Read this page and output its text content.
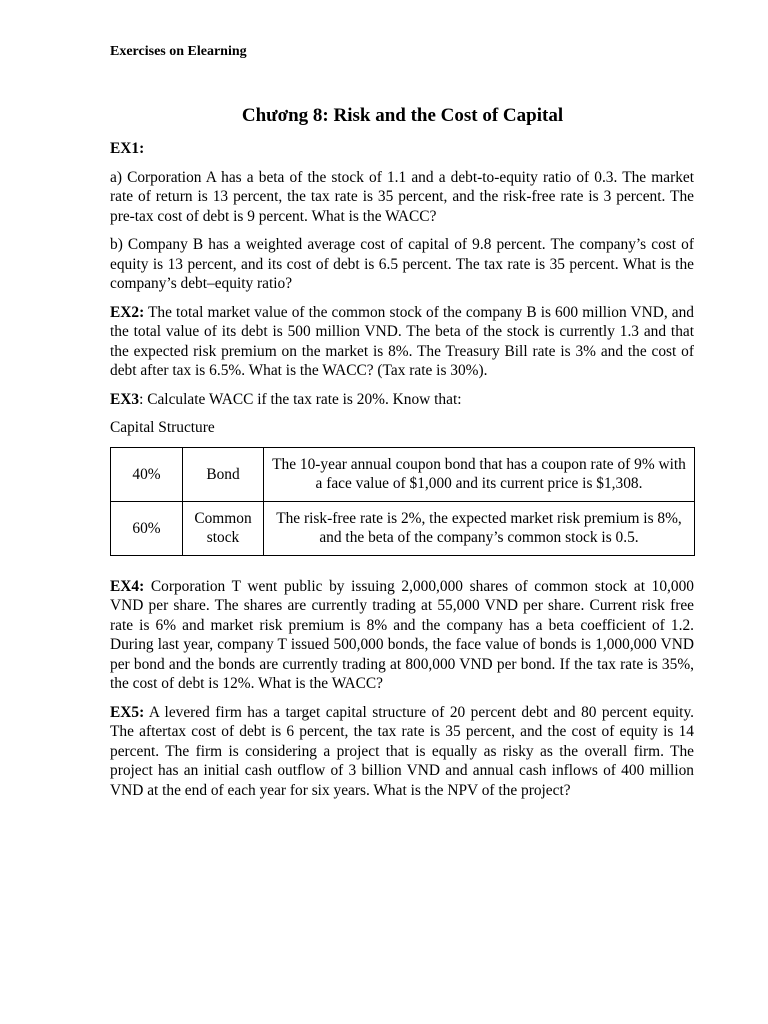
Exercises on Elearning
Chương 8: Risk and the Cost of Capital

EX1:

a) Corporation A has a beta of the stock of 1.1 and a debt-to-equity ratio of 0.3. The market rate of return is 13 percent, the tax rate is 35 percent, and the risk-free rate is 3 percent. The pre-tax cost of debt is 9 percent. What is the WACC?

b) Company B has a weighted average cost of capital of 9.8 percent. The company’s cost of equity is 13 percent, and its cost of debt is 6.5 percent. The tax rate is 35 percent. What is the company’s debt–equity ratio?

EX2: The total market value of the common stock of the company B is 600 million VND, and the total value of its debt is 500 million VND. The beta of the stock is currently 1.3 and that the expected risk premium on the market is 8%. The Treasury Bill rate is 3% and the cost of debt after tax is 6.5%. What is the WACC? (Tax rate is 30%).

EX3: Calculate WACC if the tax rate is 20%. Know that:

Capital Structure

40%	Bond	The 10-year annual coupon bond that has a coupon rate of 9% with a face value of $1,000 and its current price is $1,308.
60%	Common stock	The risk-free rate is 2%, the expected market risk premium is 8%, and the beta of the company’s common stock is 0.5.

EX4: Corporation T went public by issuing 2,000,000 shares of common stock at 10,000 VND per share. The shares are currently trading at 55,000 VND per share. Current risk free rate is 6% and market risk premium is 8% and the company has a beta coefficient of 1.2. During last year, company T issued 500,000 bonds, the face value of bonds is 1,000,000 VND per bond and the bonds are currently trading at 800,000 VND per bond. If the tax rate is 35%, the cost of debt is 12%. What is the WACC?

EX5: A levered firm has a target capital structure of 20 percent debt and 80 percent equity. The aftertax cost of debt is 6 percent, the tax rate is 35 percent, and the cost of equity is 14 percent. The firm is considering a project that is equally as risky as the overall firm. The project has an initial cash outflow of 3 billion VND and annual cash inflows of 400 million VND at the end of each year for six years. What is the NPV of the project?
